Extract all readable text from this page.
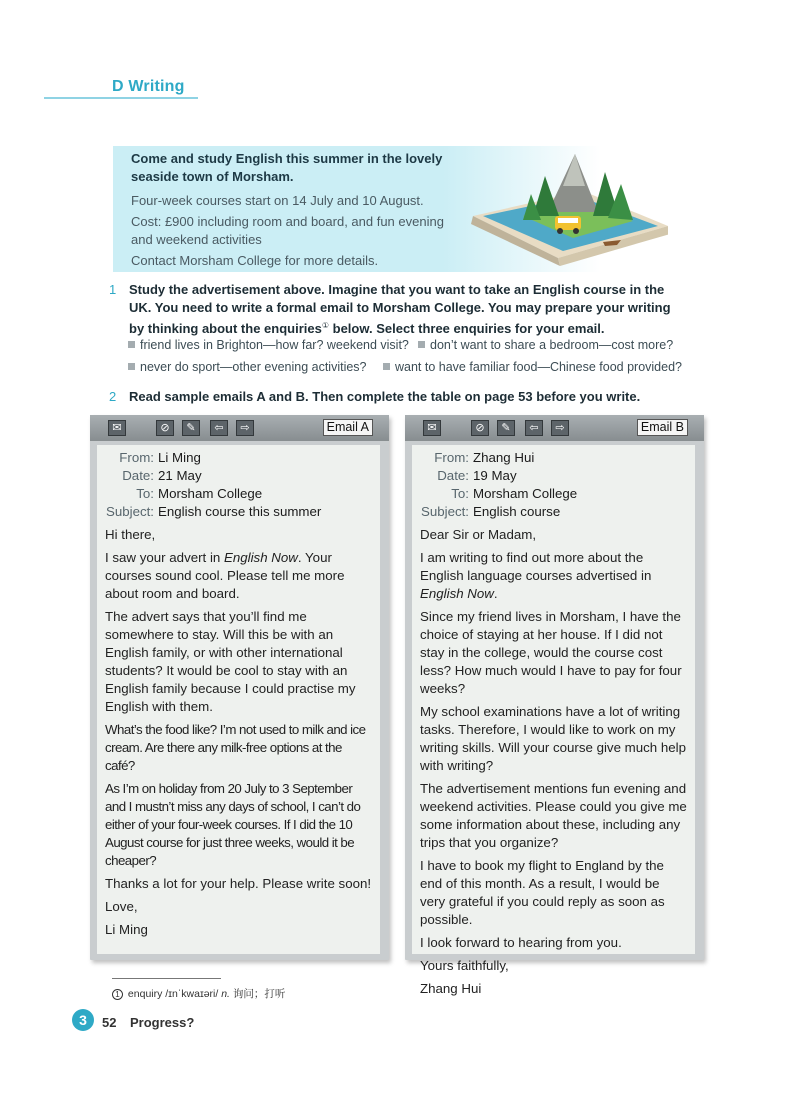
D Writing
Come and study English this summer in the lovely seaside town of Morsham.
Four-week courses start on 14 July and 10 August.
Cost: £900 including room and board, and fun evening and weekend activities
Contact Morsham College for more details.
1 Study the advertisement above. Imagine that you want to take an English course in the UK. You need to write a formal email to Morsham College. You may prepare your writing by thinking about the enquiries① below. Select three enquiries for your email.
friend lives in Brighton—how far? weekend visit?	don’t want to share a bedroom—cost more?
never do sport—other evening activities?	want to have familiar food—Chinese food provided?
2 Read sample emails A and B. Then complete the table on page 53 before you write.
✉	⊘	✎	⇦	⇨	Email A
From: Li Ming
Date: 21 May
To: Morsham College
Subject: English course this summer
Hi there,
I saw your advert in English Now. Your courses sound cool. Please tell me more about room and board.
The advert says that you’ll find me somewhere to stay. Will this be with an English family, or with other international students? It would be cool to stay with an English family because I could practise my English with them.
What’s the food like? I’m not used to milk and ice cream. Are there any milk-free options at the café?
As I’m on holiday from 20 July to 3 September and I mustn’t miss any days of school, I can’t do either of your four-week courses. If I did the 10 August course for just three weeks, would it be cheaper?
Thanks a lot for your help. Please write soon!
Love,
Li Ming
✉	⊘	✎	⇦	⇨	Email B
From: Zhang Hui
Date: 19 May
To: Morsham College
Subject: English course
Dear Sir or Madam,
I am writing to find out more about the English language courses advertised in English Now.
Since my friend lives in Morsham, I have the choice of staying at her house. If I did not stay in the college, would the course cost less? How much would I have to pay for four weeks?
My school examinations have a lot of writing tasks. Therefore, I would like to work on my writing skills. Will your course give much help with writing?
The advertisement mentions fun evening and weekend activities. Please could you give me some information about these, including any trips that you organize?
I have to book my flight to England by the end of this month. As a result, I would be very grateful if you could reply as soon as possible.
I look forward to hearing from you.
Yours faithfully,
Zhang Hui
1 enquiry /ɪnˈkwaɪəri/ n. 询问；打听
3	52 Progress?
